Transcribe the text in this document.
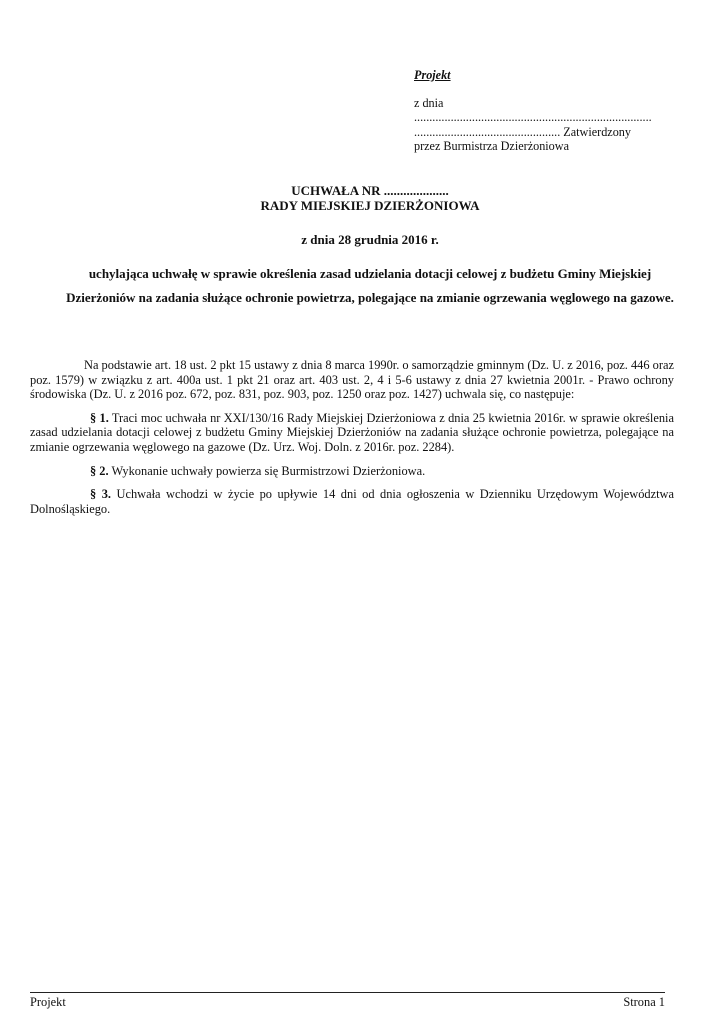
Projekt
z dnia
..............................................................................
................................................ Zatwierdzony
przez Burmistrza Dzierżoniowa
UCHWAŁA NR ....................
RADY MIEJSKIEJ DZIERŻONIOWA
z dnia 28 grudnia 2016 r.
uchylająca uchwałę w sprawie określenia zasad udzielania dotacji celowej z budżetu Gminy Miejskiej Dzierżoniów na zadania służące ochronie powietrza, polegające na zmianie ogrzewania węglowego na gazowe.

Na podstawie art. 18 ust. 2 pkt 15 ustawy z dnia 8 marca 1990r. o samorządzie gminnym (Dz. U. z 2016, poz. 446 oraz poz. 1579) w związku z art. 400a ust. 1 pkt 21 oraz art. 403 ust. 2, 4 i 5-6 ustawy z dnia 27 kwietnia 2001r. - Prawo ochrony środowiska (Dz. U. z 2016 poz. 672, poz. 831, poz. 903, poz. 1250 oraz poz. 1427) uchwala się, co następuje:

§ 1. Traci moc uchwała nr XXI/130/16 Rady Miejskiej Dzierżoniowa z dnia 25 kwietnia 2016r. w sprawie określenia zasad udzielania dotacji celowej z budżetu Gminy Miejskiej Dzierżoniów na zadania służące ochronie powietrza, polegające na zmianie ogrzewania węglowego na gazowe (Dz. Urz. Woj. Doln. z 2016r. poz. 2284).

§ 2. Wykonanie uchwały powierza się Burmistrzowi Dzierżoniowa.

§ 3. Uchwała wchodzi w życie po upływie 14 dni od dnia ogłoszenia w Dzienniku Urzędowym Województwa Dolnośląskiego.

Projekt	Strona 1
